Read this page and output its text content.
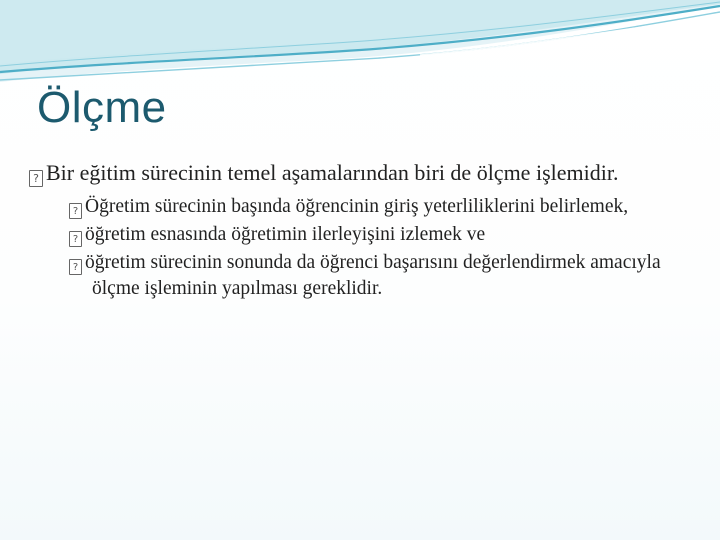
Ölçme

? Bir eğitim sürecinin temel aşamalarından biri de ölçme işlemidir.

? Öğretim sürecinin başında öğrencinin giriş yeterliliklerini belirlemek,

? öğretim esnasında öğretimin ilerleyişini izlemek ve

? öğretim sürecinin sonunda da öğrenci başarısını değerlendirmek amacıyla ölçme işleminin yapılması gereklidir.
